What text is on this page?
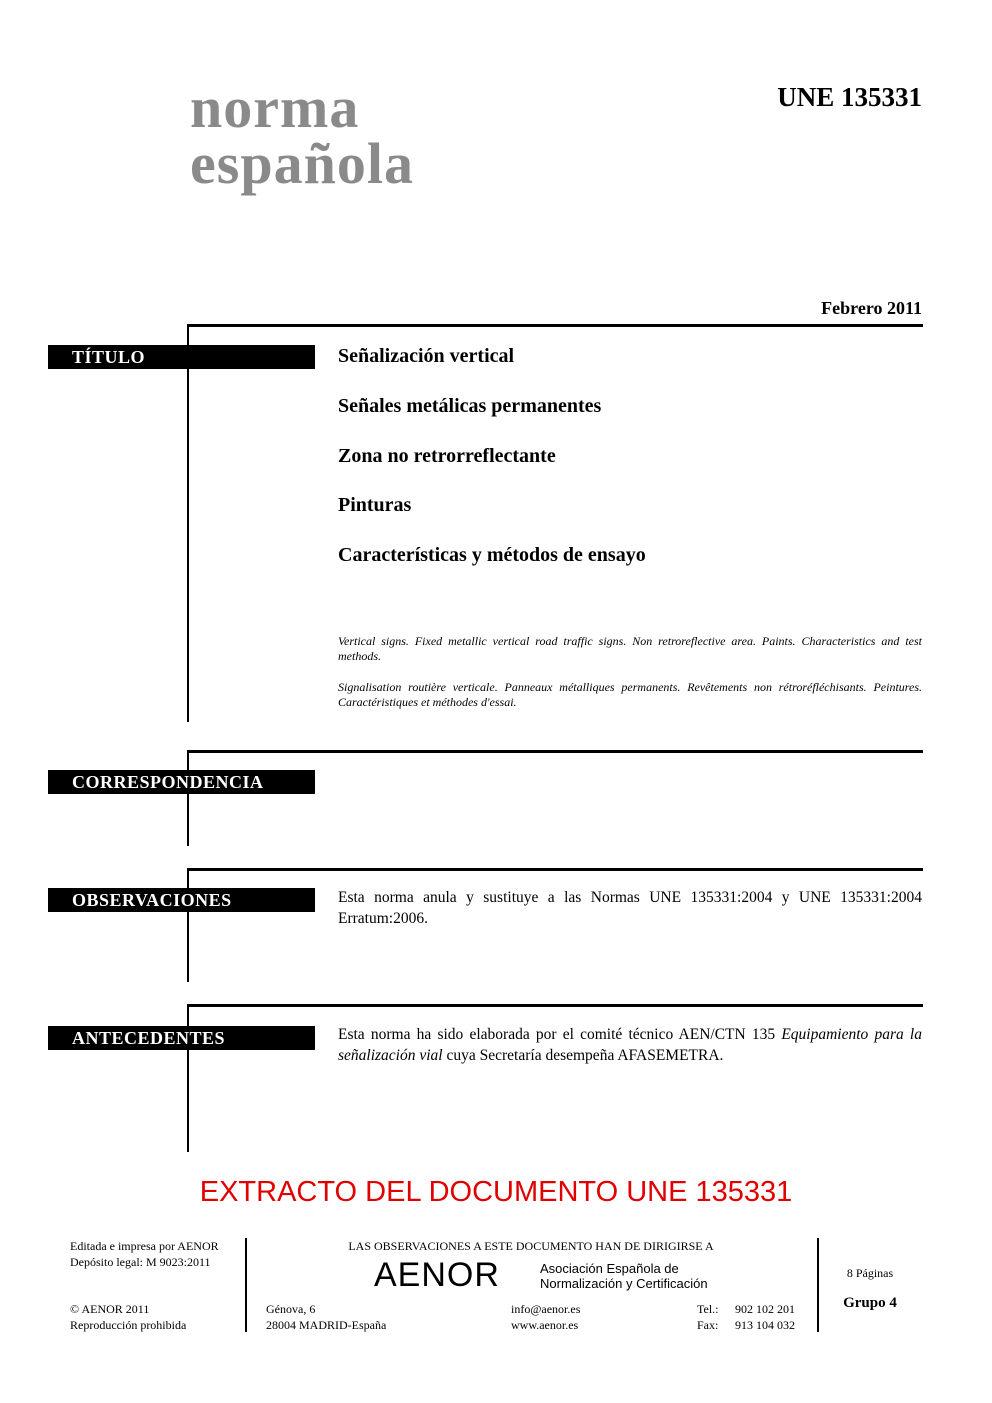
norma
española
UNE 135331
Febrero 2011
TÍTULO	Señalización vertical
Señales metálicas permanentes
Zona no retrorreflectante
Pinturas
Características y métodos de ensayo
Vertical signs. Fixed metallic vertical road traffic signs. Non retroreflective area. Paints. Characteristics and test methods.
Signalisation routière verticale. Panneaux métalliques permanents. Revêtements non rétroréfléchisants. Peintures. Caractéristiques et méthodes d'essai.
CORRESPONDENCIA
OBSERVACIONES	Esta norma anula y sustituye a las Normas UNE 135331:2004 y UNE 135331:2004 Erratum:2006.
ANTECEDENTES	Esta norma ha sido elaborada por el comité técnico AEN/CTN 135 Equipamiento para la señalización vial cuya Secretaría desempeña AFASEMETRA.
EXTRACTO DEL DOCUMENTO UNE 135331
Editada e impresa por AENOR
Depósito legal: M 9023:2011
© AENOR 2011
Reproducción prohibida
LAS OBSERVACIONES A ESTE DOCUMENTO HAN DE DIRIGIRSE A
AENOR	Asociación Española de
Normalización y Certificación
Génova, 6
28004 MADRID-España
info@aenor.es
www.aenor.es
Tel.: 902 102 201
Fax: 913 104 032
8 Páginas
Grupo 4
